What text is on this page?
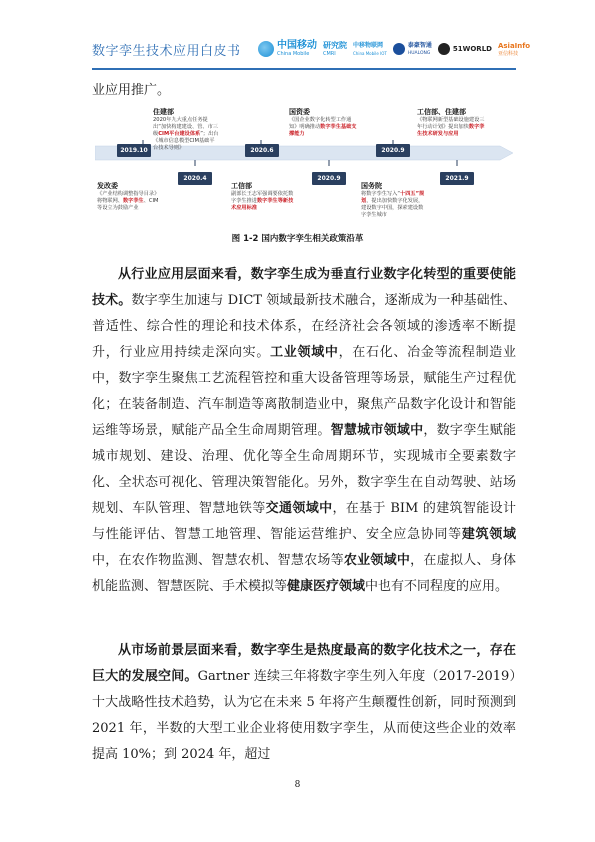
数字孪生技术应用白皮书	中国移动
China Mobile
研究院
CMRI
中移物联网
China Mobile IOT
泰豪智通
HUALONG
51WORLD AsiaInfo
亚信科技
业应用推广。
2019.10
2020.4
2020.6
2020.9
2020.9
2021.9
发改委
《产业结构调整指导目录》将物联网、数字孪生、CIM等设立为鼓励产业
住建部
2020年九大重点任务提出“加快构建建设、管、市三级CIM平台建设体系”；出台《城市信息模型CIM基础平台技术导则》
工信部
副部长王志军强调要依托数字孪生推进数字孪生等新技术应用标准
国资委
《国企业数字化转型工作通知》明确推动数字孪生基础支撑能力
国务院
将数字孪生写入“十四五”规划，提出加快数字化发展，建设数字中国，探索建设数字孪生城市
工信部、住建部
《物联网新型基础设施建设三年行动计划》提出加快数字孪生技术研发与应用
图 1-2 国内数字孪生相关政策沿革
从行业应用层面来看，数字孪生成为垂直行业数字化转型的重要使能技术。数字孪生加速与 DICT 领域最新技术融合，逐渐成为一种基础性、普适性、综合性的理论和技术体系，在经济社会各领域的渗透率不断提升，行业应用持续走深向实。工业领域中，在石化、冶金等流程制造业中，数字孪生聚焦工艺流程管控和重大设备管理等场景，赋能生产过程优化；在装备制造、汽车制造等离散制造业中，聚焦产品数字化设计和智能运维等场景，赋能产品全生命周期管理。智慧城市领域中，数字孪生赋能城市规划、建设、治理、优化等全生命周期环节，实现城市全要素数字化、全状态可视化、管理决策智能化。另外，数字孪生在自动驾驶、站场规划、车队管理、智慧地铁等交通领域中，在基于 BIM 的建筑智能设计与性能评估、智慧工地管理、智能运营维护、安全应急协同等建筑领域中，在农作物监测、智慧农机、智慧农场等农业领域中，在虚拟人、身体机能监测、智慧医院、手术模拟等健康医疗领域中也有不同程度的应用。
从市场前景层面来看，数字孪生是热度最高的数字化技术之一，存在巨大的发展空间。Gartner 连续三年将数字孪生列入年度（2017-2019）十大战略性技术趋势，认为它在未来 5 年将产生颠覆性创新，同时预测到 2021 年，半数的大型工业企业将使用数字孪生，从而使这些企业的效率提高 10%；到 2024 年，超过
8
